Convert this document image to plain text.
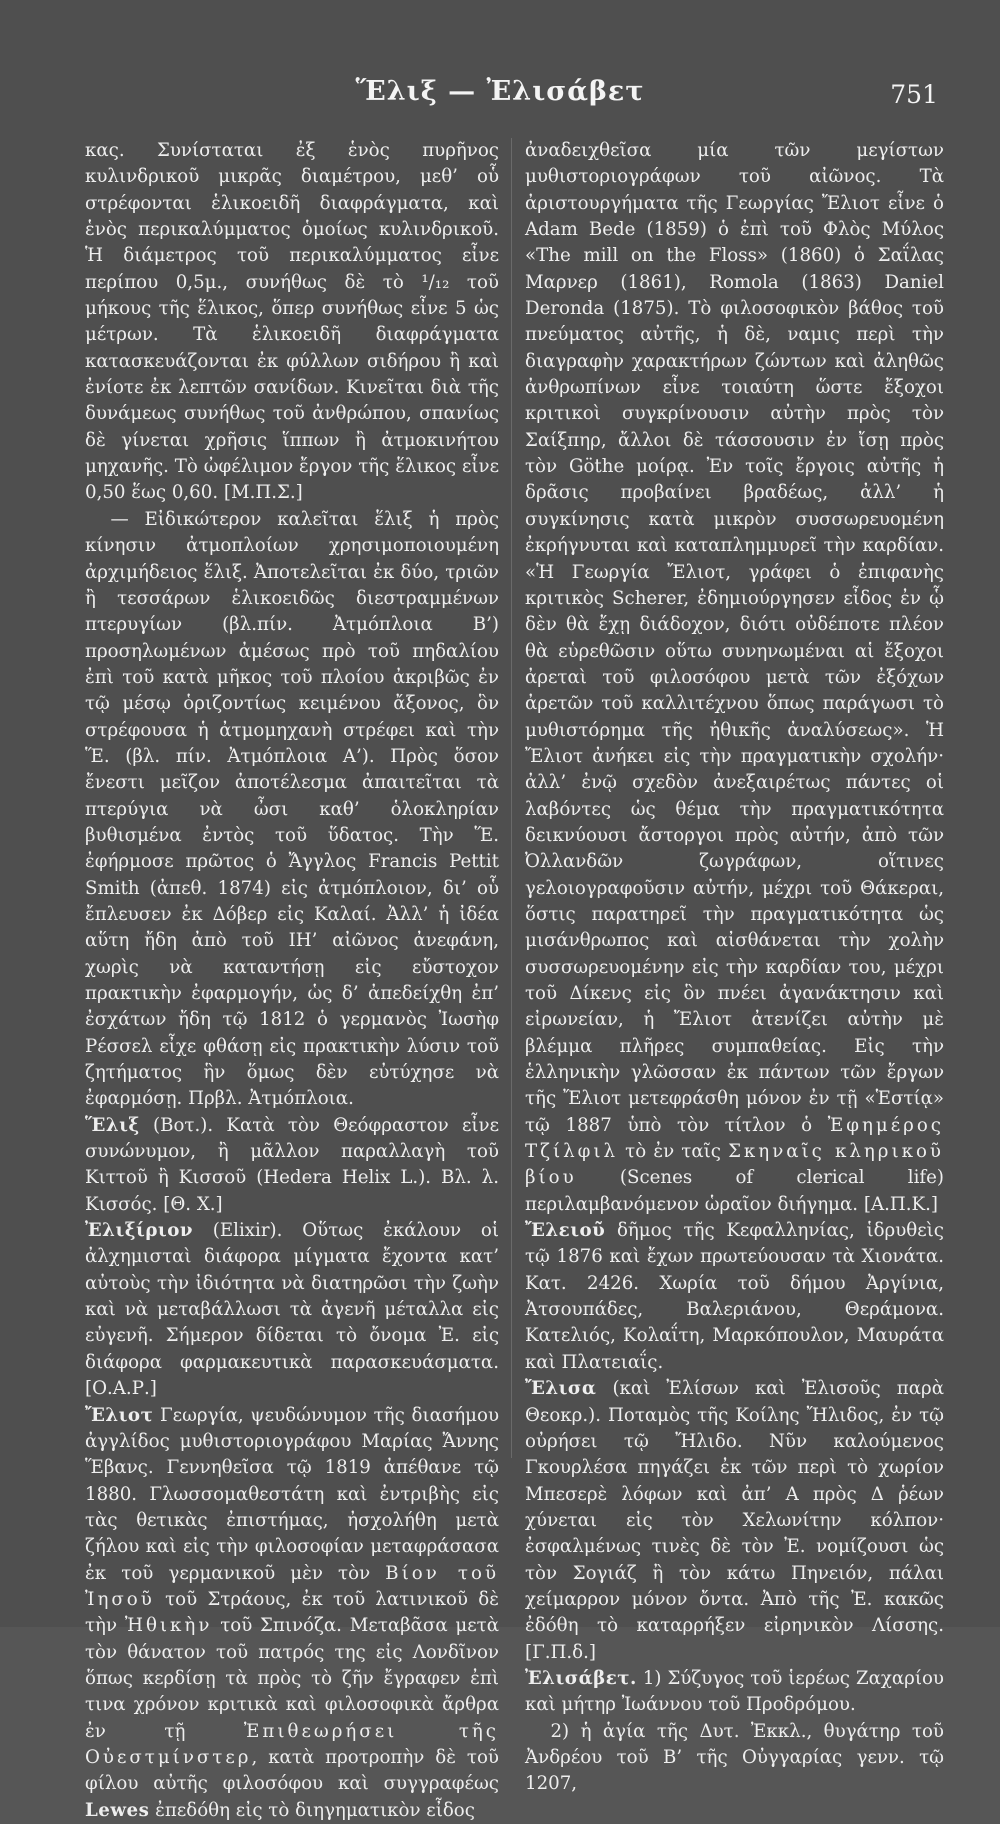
Ἕλιξ — Ἐλισάβετ	751

κας. Συνίσταται ἐξ ἑνὸς πυρῆνος κυλινδρικοῦ μικρᾶς διαμέτρου, μεθ’ οὗ στρέφονται ἑλικοειδῆ διαφράγματα, καὶ ἑνὸς περικαλύμματος ὁμοίως κυλινδρικοῦ. Ἡ διάμετρος τοῦ περικαλύμματος εἶνε περίπου 0,5μ., συνήθως δὲ τὸ ¹/₁₂ τοῦ μήκους τῆς ἕλικος, ὅπερ συνήθως εἶνε 5 ὡς μέτρων. Τὰ ἑλικοειδῆ διαφράγματα κατασκευάζονται ἐκ φύλλων σιδήρου ἢ καὶ ἐνίοτε ἐκ λεπτῶν σανίδων. Κινεῖται διὰ τῆς δυνάμεως συνήθως τοῦ ἀνθρώπου, σπανίως δὲ γίνεται χρῆσις ἵππων ἢ ἀτμοκινήτου μηχανῆς. Τὸ ὠφέλιμον ἔργον τῆς ἕλικος εἶνε 0,50 ἕως 0,60. [Μ.Π.Σ.]

— Εἰδικώτερον καλεῖται ἕλιξ ἡ πρὸς κίνησιν ἀτμοπλοίων χρησιμοποιουμένη ἀρχιμήδειος ἕλιξ. Ἀποτελεῖται ἐκ δύο, τριῶν ἢ τεσσάρων ἑλικοειδῶς διεστραμμένων πτερυγίων (βλ.πίν. Ἀτμόπλοια Β’) προσηλωμένων ἀμέσως πρὸ τοῦ πηδαλίου ἐπὶ τοῦ κατὰ μῆκος τοῦ πλοίου ἀκριβῶς ἐν τῷ μέσῳ ὁριζοντίως κειμένου ἄξονος, ὃν στρέφουσα ἡ ἀτμομηχανὴ στρέφει καὶ τὴν Ἕ. (βλ. πίν. Ἀτμόπλοια Α’). Πρὸς ὅσον ἔνεστι μεῖζον ἀποτέλεσμα ἀπαιτεῖται τὰ πτερύγια νὰ ὦσι καθ’ ὁλοκληρίαν βυθισμένα ἐντὸς τοῦ ὕδατος. Τὴν Ἕ. ἐφήρμοσε πρῶτος ὁ Ἄγγλος Francis Pettit Smith (ἀπεθ. 1874) εἰς ἀτμόπλοιον, δι’ οὗ ἔπλευσεν ἐκ Δόβερ εἰς Καλαί. Ἀλλ’ ἡ ἰδέα αὕτη ἤδη ἀπὸ τοῦ ΙΗ’ αἰῶνος ἀνεφάνη, χωρὶς νὰ καταντήσῃ εἰς εὔστοχον πρακτικὴν ἐφαρμογήν, ὡς δ’ ἀπεδείχθη ἐπ’ ἐσχάτων ἤδη τῷ 1812 ὁ γερμανὸς Ἰωσὴφ Ρέσσελ εἶχε φθάσῃ εἰς πρακτικὴν λύσιν τοῦ ζητήματος ἣν ὅμως δὲν εὐτύχησε νὰ ἐφαρμόσῃ. Πρβλ. Ἀτμόπλοια.

Ἕλιξ (Βοτ.). Κατὰ τὸν Θεόφραστον εἶνε συνώνυμον, ἢ μᾶλλον παραλλαγὴ τοῦ Κιττοῦ ἢ Κισσοῦ (Hedera Helix L.). Βλ. λ. Κισσός. [Θ. Χ.]

Ἐλιξίριον (Elixir). Οὕτως ἐκάλουν οἱ ἀλχημισταὶ διάφορα μίγματα ἔχοντα κατ’ αὐτοὺς τὴν ἰδιότητα νὰ διατηρῶσι τὴν ζωὴν καὶ νὰ μεταβάλλωσι τὰ ἀγενῆ μέταλλα εἰς εὐγενῆ. Σήμερον δίδεται τὸ ὄνομα Ἐ. εἰς διάφορα φαρμακευτικὰ παρασκευάσματα. [Ο.Α.Ρ.]

Ἔλιοτ Γεωργία, ψευδώνυμον τῆς διασήμου ἀγγλίδος μυθιστοριογράφου Μαρίας Ἄννης Ἕβανς. Γεννηθεῖσα τῷ 1819 ἀπέθανε τῷ 1880. Γλωσσομαθεστάτη καὶ ἐντριβὴς εἰς τὰς θετικὰς ἐπιστήμας, ἠσχολήθη μετὰ ζήλου καὶ εἰς τὴν φιλοσοφίαν μεταφράσασα ἐκ τοῦ γερμανικοῦ μὲν τὸν Βίον τοῦ Ἰησοῦ τοῦ Στράους, ἐκ τοῦ λατινικοῦ δὲ τὴν Ἠθικὴν τοῦ Σπινόζα. Μεταβᾶσα μετὰ τὸν θάνατον τοῦ πατρός της εἰς Λονδῖνον ὅπως κερδίσῃ τὰ πρὸς τὸ ζῆν ἔγραφεν ἐπὶ τινα χρόνον κριτικὰ καὶ φιλοσοφικὰ ἄρθρα ἐν τῇ Ἐπιθεωρήσει τῆς Οὐεστμίνστερ, κατὰ προτροπὴν δὲ τοῦ φίλου αὐτῆς φιλοσόφου καὶ συγγραφέως Lewes ἐπεδόθη εἰς τὸ διηγηματικὸν εἶδος

ἀναδειχθεῖσα μία τῶν μεγίστων μυθιστοριογράφων τοῦ αἰῶνος. Τὰ ἀριστουργήματα τῆς Γεωργίας Ἔλιοτ εἶνε ὁ Adam Bede (1859) ὁ ἐπὶ τοῦ Φλὸς Μύλος «The mill on the Floss» (1860) ὁ Σαΐλας Μαρνερ (1861), Romola (1863) Daniel Deronda (1875). Τὸ φιλοσοφικὸν βάθος τοῦ πνεύματος αὐτῆς, ἡ δὲ, ναμις περὶ τὴν διαγραφὴν χαρακτήρων ζώντων καὶ ἀληθῶς ἀνθρωπίνων εἶνε τοιαύτη ὥστε ἔξοχοι κριτικοὶ συγκρίνουσιν αὐτὴν πρὸς τὸν Σαίξπηρ, ἄλλοι δὲ τάσσουσιν ἐν ἴσῃ πρὸς τὸν Göthe μοίρᾳ. Ἐν τοῖς ἔργοις αὐτῆς ἡ δρᾶσις προβαίνει βραδέως, ἀλλ’ ἡ συγκίνησις κατὰ μικρὸν συσσωρευομένη ἐκρήγνυται καὶ καταπλημμυρεῖ τὴν καρδίαν. «Ἡ Γεωργία Ἔλιοτ, γράφει ὁ ἐπιφανὴς κριτικὸς Scherer, ἐδημιούργησεν εἶδος ἐν ᾧ δὲν θὰ ἔχῃ διάδοχον, διότι οὐδέποτε πλέον θὰ εὑρεθῶσιν οὕτω συνηνωμέναι αἱ ἔξοχοι ἀρεταὶ τοῦ φιλοσόφου μετὰ τῶν ἐξόχων ἀρετῶν τοῦ καλλιτέχνου ὅπως παράγωσι τὸ μυθιστόρημα τῆς ἠθικῆς ἀναλύσεως». Ἡ Ἔλιοτ ἀνήκει εἰς τὴν πραγματικὴν σχολήν· ἀλλ’ ἐνῷ σχεδὸν ἀνεξαιρέτως πάντες οἱ λαβόντες ὡς θέμα τὴν πραγματικότητα δεικνύουσι ἄστοργοι πρὸς αὐτήν, ἀπὸ τῶν Ὀλλανδῶν ζωγράφων, οἵτινες γελοιογραφοῦσιν αὐτήν, μέχρι τοῦ Θάκεραι, ὅστις παρατηρεῖ τὴν πραγματικότητα ὡς μισάνθρωπος καὶ αἰσθάνεται τὴν χολὴν συσσωρευομένην εἰς τὴν καρδίαν του, μέχρι τοῦ Δίκενς εἰς ὃν πνέει ἀγανάκτησιν καὶ εἰρωνείαν, ἡ Ἔλιοτ ἀτενίζει αὐτὴν μὲ βλέμμα πλῆρες συμπαθείας. Εἰς τὴν ἑλληνικὴν γλῶσσαν ἐκ πάντων τῶν ἔργων τῆς Ἔλιοτ μετεφράσθη μόνον ἐν τῇ «Ἑστίᾳ» τῷ 1887 ὑπὸ τὸν τίτλον ὁ Ἐφημέρος Τζίλφιλ τὸ ἐν ταῖς Σκηναῖς κληρικοῦ βίου (Scenes of clerical life) περιλαμβανόμενον ὡραῖον διήγημα. [Α.Π.Κ.]

Ἔλειοῦ δῆμος τῆς Κεφαλληνίας, ἱδρυθεὶς τῷ 1876 καὶ ἔχων πρωτεύουσαν τὰ Χιονάτα. Κατ. 2426. Χωρία τοῦ δήμου Ἀργίνια, Ἀτσουπάδες, Βαλεριάνου, Θεράμονα. Κατελιός, Κολαΐτη, Μαρκόπουλον, Μαυράτα καὶ Πλατειαΐς.

Ἔλισα (καὶ Ἐλίσων καὶ Ἐλισοῦς παρὰ Θεοκρ.). Ποταμὸς τῆς Κοίλης Ἤλιδος, ἐν τῷ οὐρήσει τῷ Ἤλιδο. Νῦν καλούμενος Γκουρλέσα πηγάζει ἐκ τῶν περὶ τὸ χωρίον Μπεσερὲ λόφων καὶ ἀπ’ Α πρὸς Δ ῥέων χύνεται εἰς τὸν Χελωνίτην κόλπον· ἐσφαλμένως τινὲς δὲ τὸν Ἐ. νομίζουσι ὡς τὸν Σογιάζ ἢ τὸν κάτω Πηνειόν, πάλαι χείμαρρον μόνον ὄντα. Ἀπὸ τῆς Ἐ. κακῶς ἐδόθη τὸ καταρρήξεν εἰρηνικὸν Λίσσης. [Γ.Π.δ.]

Ἐλισάβετ. 1) Σύζυγος τοῦ ἱερέως Ζαχαρίου καὶ μήτηρ Ἰωάννου τοῦ Προδρόμου.

2) ἡ ἁγία τῆς Δυτ. Ἐκκλ., θυγάτηρ τοῦ Ἀνδρέου τοῦ Β’ τῆς Οὐγγαρίας γενν. τῷ 1207,
